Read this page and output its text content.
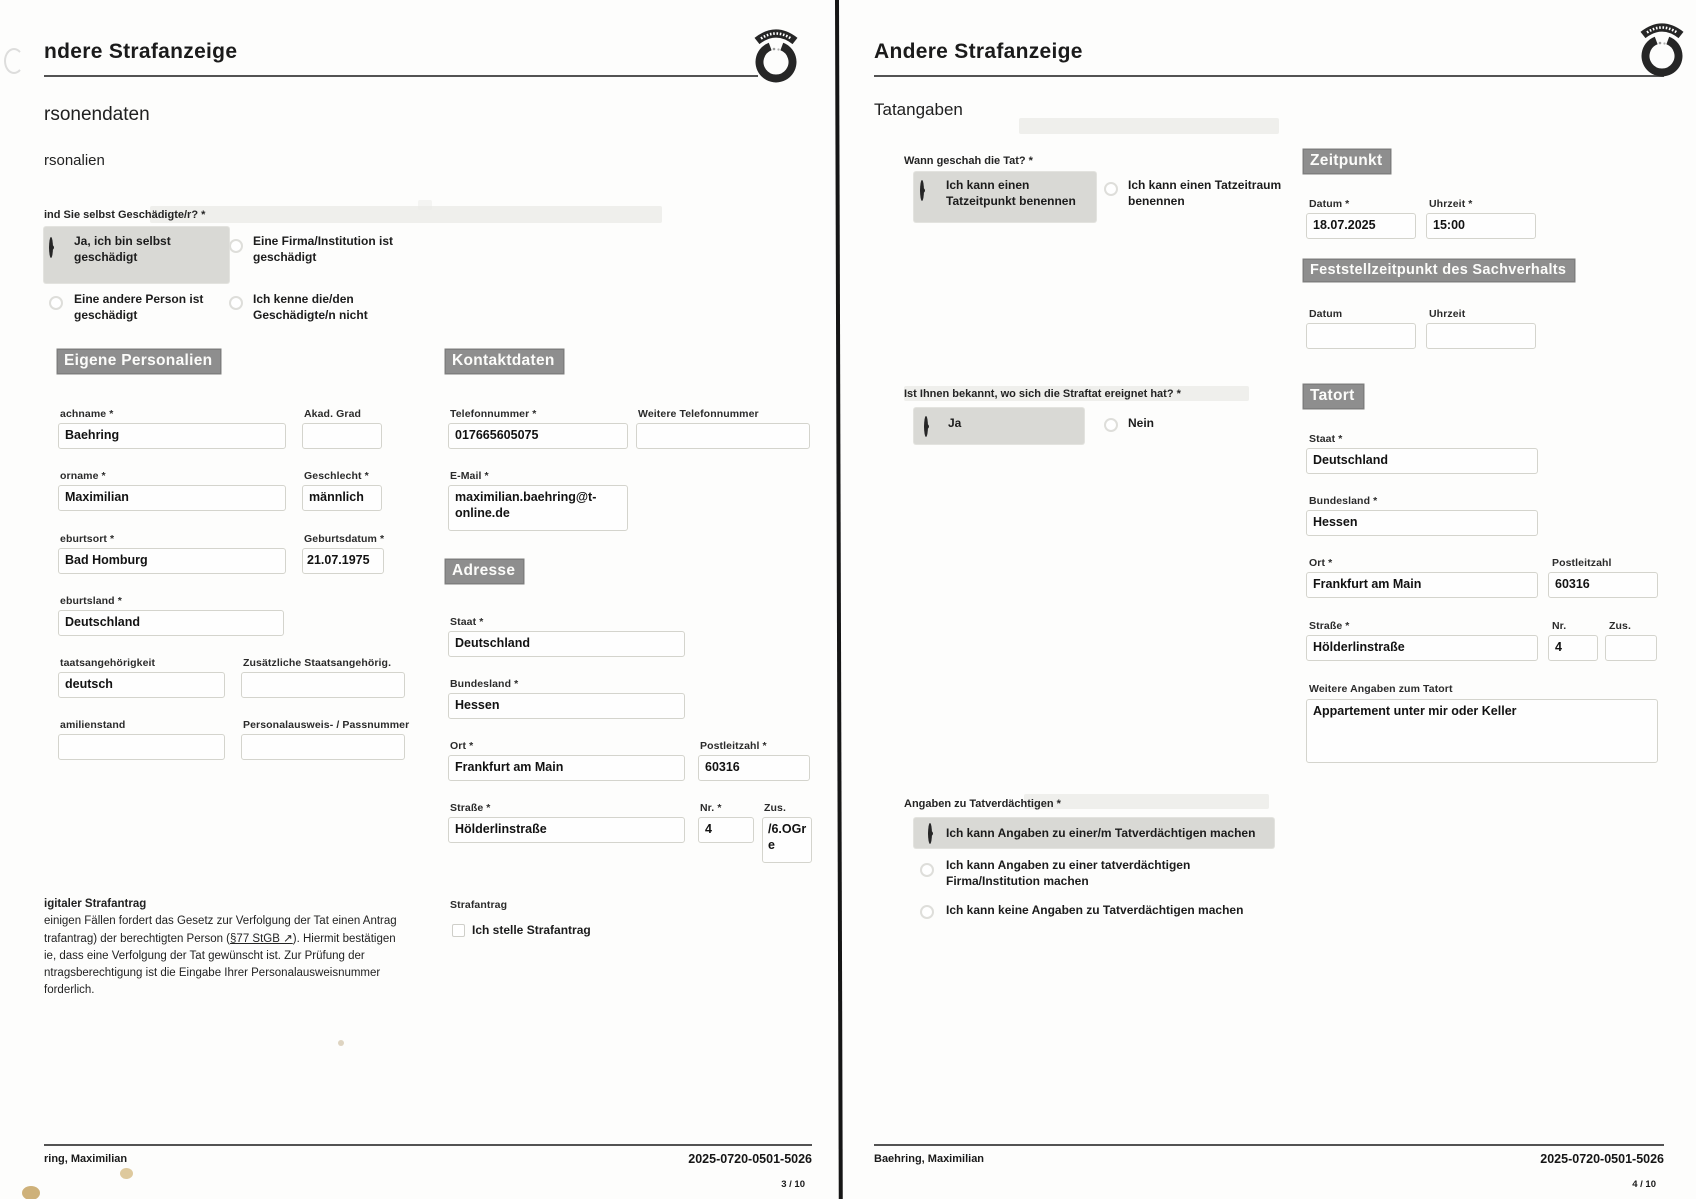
ndere Strafanzeige
rsonendaten
rsonalien
ind Sie selbst Geschädigte/r? *
Ja, ich bin selbst geschädigt
Eine Firma/Institution ist geschädigt
Eine andere Person ist geschädigt
Ich kenne die/den Geschädigte/n nicht
Eigene Personalien
achname *
Baehring
Akad. Grad
orname *
Maximilian
Geschlecht *
männlich
eburtsort *
Bad Homburg
Geburtsdatum *
21.07.1975
eburtsland *
Deutschland
taatsangehörigkeit
deutsch
Zusätzliche Staatsangehörig.
amilienstand	Personalausweis- / Passnummer
Kontaktdaten
Telefonnummer *
017665605075
Weitere Telefonnummer
E-Mail *
maximilian.baehring@t-online.de
Adresse
Staat *
Deutschland
Bundesland *
Hessen
Ort *
Frankfurt am Main
Postleitzahl *
60316
Straße *
Hölderlinstraße
Nr. *
4
Zus.
/6.OGre
igitaler Strafantrag
einigen Fällen fordert das Gesetz zur Verfolgung der Tat einen Antrag
trafantrag) der berechtigten Person (§77 StGB ↗). Hiermit bestätigen
ie, dass eine Verfolgung der Tat gewünscht ist. Zur Prüfung der
ntragsberechtigung ist die Eingabe Ihrer Personalausweisnummer
forderlich.
Strafantrag
Ich stelle Strafantrag
ring, Maximilian	2025-0720-0501-5026
3 / 10
Andere Strafanzeige
Tatangaben
Wann geschah die Tat? *
Ich kann einen Tatzeitpunkt benennen
Ich kann einen Tatzeitraum benennen
Zeitpunkt
Datum *
18.07.2025
Uhrzeit *
15:00
Feststellzeitpunkt des Sachverhalts
Datum	Uhrzeit
Ist Ihnen bekannt, wo sich die Straftat ereignet hat? *
Ja	Nein
Tatort
Staat *
Deutschland
Bundesland *
Hessen
Ort *
Frankfurt am Main
Postleitzahl
60316
Straße *
Hölderlinstraße
Nr.
4
Zus.
Weitere Angaben zum Tatort
Appartement unter mir oder Keller
Angaben zu Tatverdächtigen *
Ich kann Angaben zu einer/m Tatverdächtigen machen
Ich kann Angaben zu einer tatverdächtigen Firma/Institution machen
Ich kann keine Angaben zu Tatverdächtigen machen
Baehring, Maximilian	2025-0720-0501-5026
4 / 10
